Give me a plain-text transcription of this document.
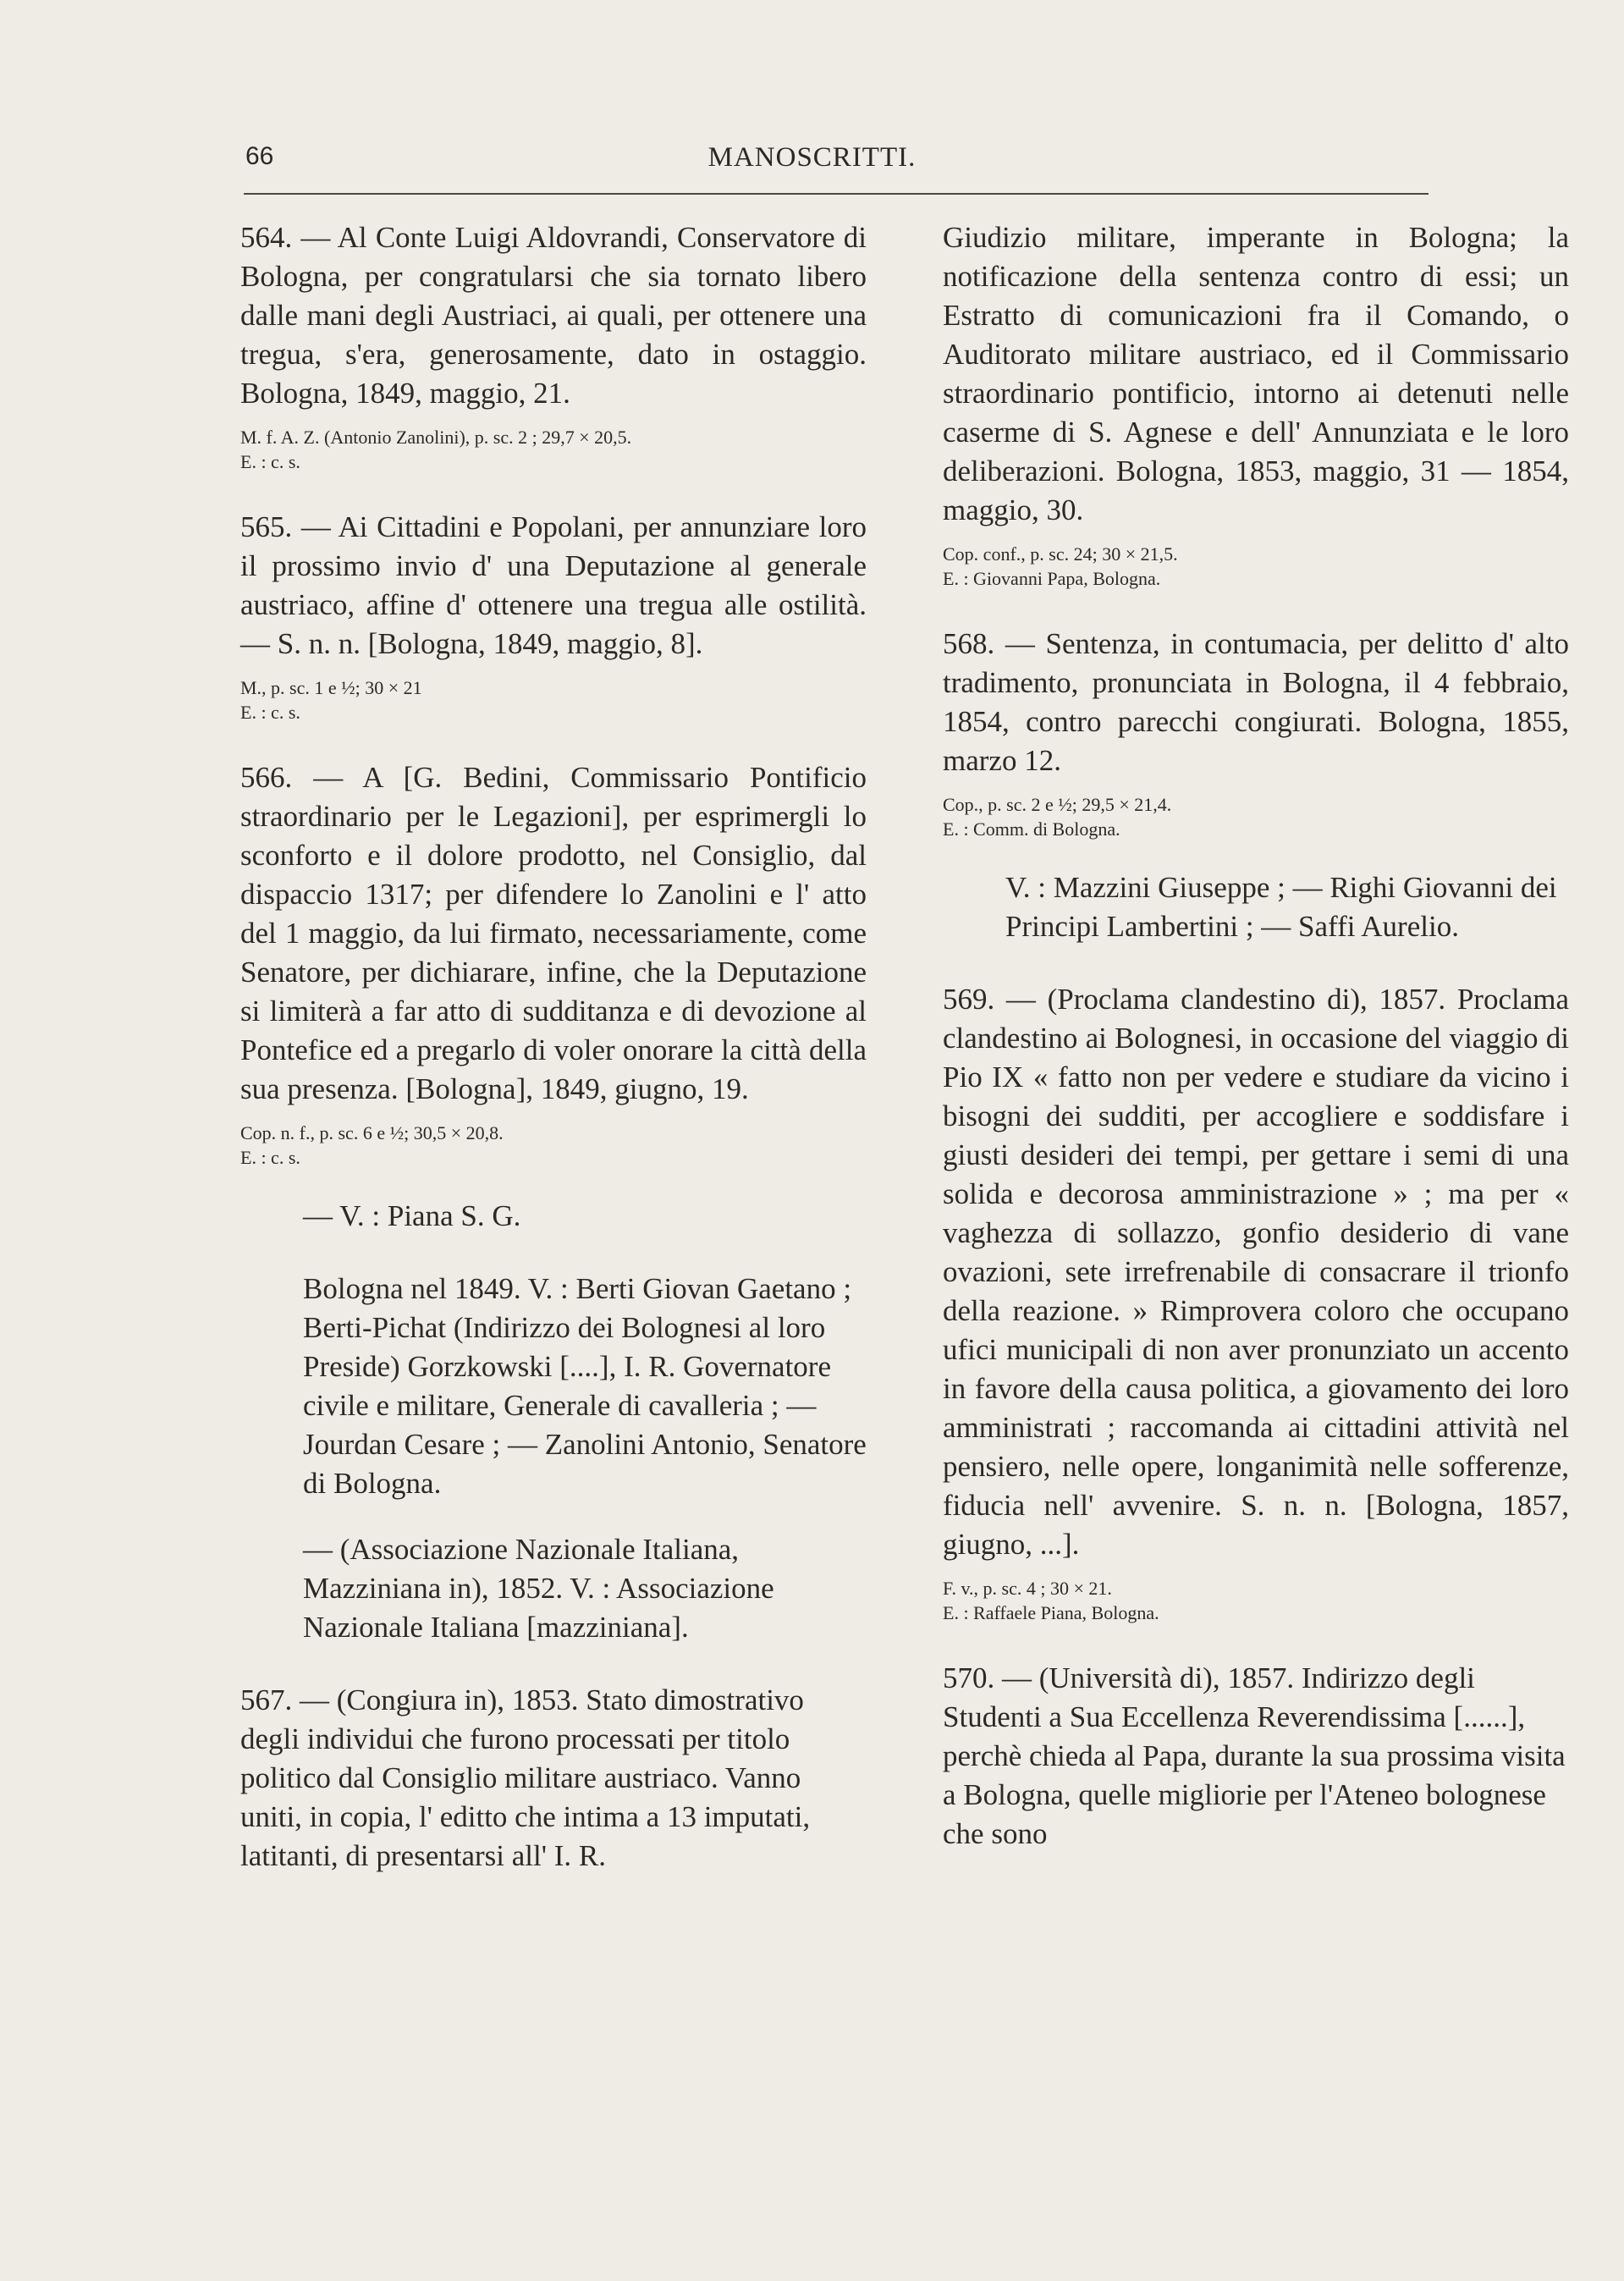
66	MANOSCRITTI.

564. — Al Conte Luigi Aldovrandi, Conservatore di Bologna, per congratularsi che sia tornato libero dalle mani degli Austriaci, ai quali, per ottenere una tregua, s'era, generosamente, dato in ostaggio. Bologna, 1849, maggio, 21.

M. f. A. Z. (Antonio Zanolini), p. sc. 2 ; 29,7 × 20,5.
E. : c. s.

565. — Ai Cittadini e Popolani, per annunziare loro il prossimo invio d' una Deputazione al generale austriaco, affine d' ottenere una tregua alle ostilità. — S. n. n. [Bologna, 1849, maggio, 8].

M., p. sc. 1 e ½; 30 × 21
E. : c. s.

566. — A [G. Bedini, Commissario Pontificio straordinario per le Legazioni], per esprimergli lo sconforto e il dolore prodotto, nel Consiglio, dal dispaccio 1317; per difendere lo Zanolini e l' atto del 1 maggio, da lui firmato, necessariamente, come Senatore, per dichiarare, infine, che la Deputazione si limiterà a far atto di sudditanza e di devozione al Pontefice ed a pregarlo di voler onorare la città della sua presenza. [Bologna], 1849, giugno, 19.

Cop. n. f., p. sc. 6 e ½; 30,5 × 20,8.
E. : c. s.

— V. : Piana S. G.

Bologna nel 1849. V. : Berti Giovan Gaetano ; Berti-Pichat (Indirizzo dei Bolognesi al loro Preside) Gorzkowski [....], I. R. Governatore civile e militare, Generale di cavalleria ; — Jourdan Cesare ; — Zanolini Antonio, Senatore di Bologna.

— (Associazione Nazionale Italiana, Mazziniana in), 1852. V. : Associazione Nazionale Italiana [mazziniana].

567. — (Congiura in), 1853. Stato dimostrativo degli individui che furono processati per titolo politico dal Consiglio militare austriaco. Vanno uniti, in copia, l' editto che intima a 13 imputati, latitanti, di presentarsi all' I. R.

Giudizio militare, imperante in Bologna; la notificazione della sentenza contro di essi; un Estratto di comunicazioni fra il Comando, o Auditorato militare austriaco, ed il Commissario straordinario pontificio, intorno ai detenuti nelle caserme di S. Agnese e dell' Annunziata e le loro deliberazioni. Bologna, 1853, maggio, 31 — 1854, maggio, 30.

Cop. conf., p. sc. 24; 30 × 21,5.
E. : Giovanni Papa, Bologna.

568. — Sentenza, in contumacia, per delitto d' alto tradimento, pronunciata in Bologna, il 4 febbraio, 1854, contro parecchi congiurati. Bologna, 1855, marzo 12.

Cop., p. sc. 2 e ½; 29,5 × 21,4.
E. : Comm. di Bologna.

V. : Mazzini Giuseppe ; — Righi Giovanni dei Principi Lambertini ; — Saffi Aurelio.

569. — (Proclama clandestino di), 1857. Proclama clandestino ai Bolognesi, in occasione del viaggio di Pio IX « fatto non per vedere e studiare da vicino i bisogni dei sudditi, per accogliere e soddisfare i giusti desideri dei tempi, per gettare i semi di una solida e decorosa amministrazione » ; ma per « vaghezza di sollazzo, gonfio desiderio di vane ovazioni, sete irrefrenabile di consacrare il trionfo della reazione. » Rimprovera coloro che occupano ufici municipali di non aver pronunziato un accento in favore della causa politica, a giovamento dei loro amministrati ; raccomanda ai cittadini attività nel pensiero, nelle opere, longanimità nelle sofferenze, fiducia nell' avvenire. S. n. n. [Bologna, 1857, giugno, ...].

F. v., p. sc. 4 ; 30 × 21.
E. : Raffaele Piana, Bologna.

570. — (Università di), 1857. Indirizzo degli Studenti a Sua Eccellenza Reverendissima [......], perchè chieda al Papa, durante la sua prossima visita a Bologna, quelle migliorie per l'Ateneo bolognese che sono
